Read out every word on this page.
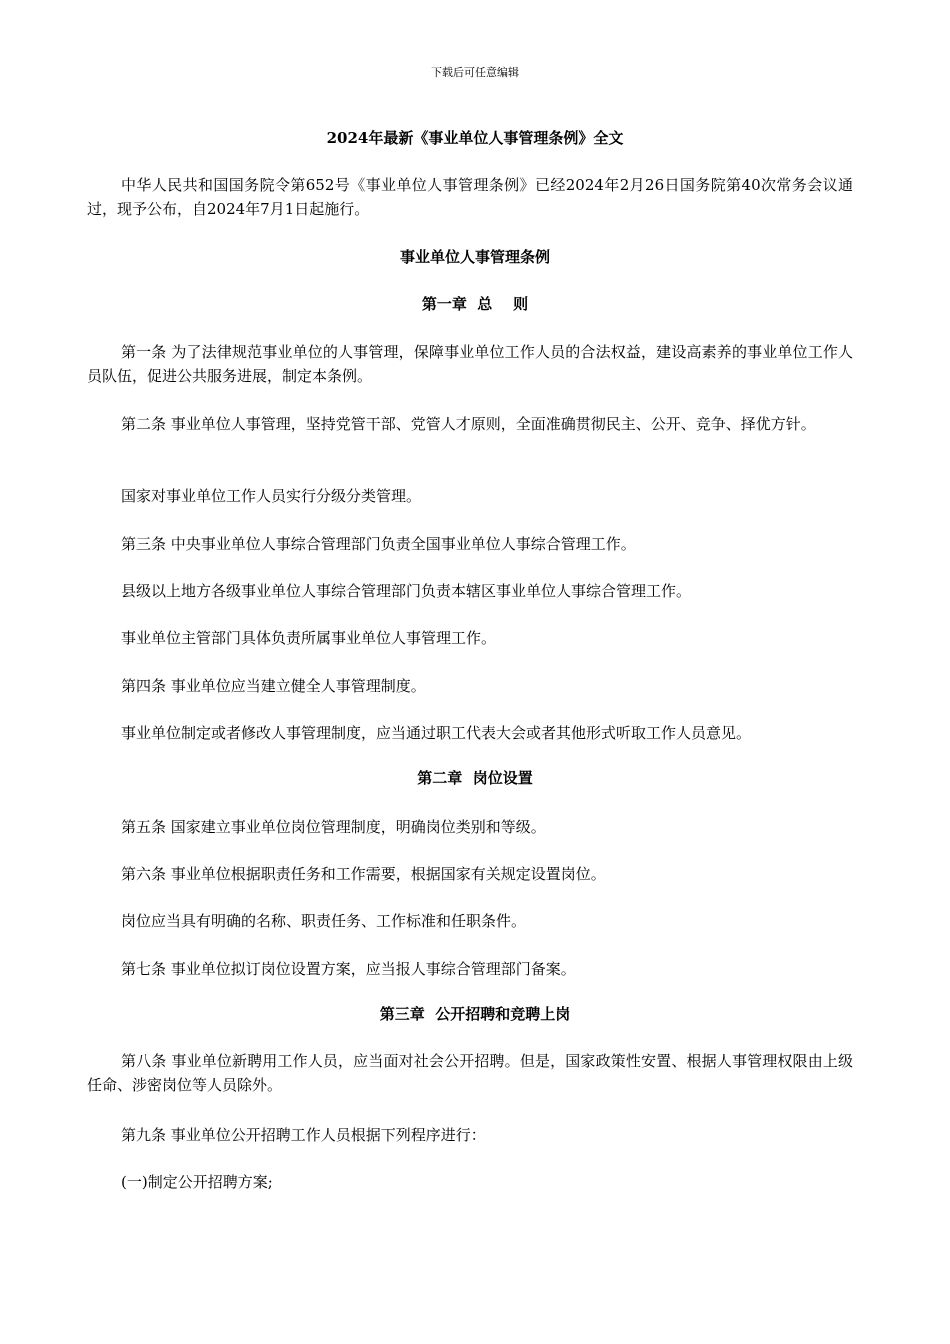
下载后可任意编辑
2024年最新《事业单位人事管理条例》全文
中华人民共和国国务院令第652号《事业单位人事管理条例》已经2024年2月26日国务院第40次常务会议通过，现予公布，自2024年7月1日起施行。
事业单位人事管理条例
第一章  总    则
第一条 为了法律规范事业单位的人事管理，保障事业单位工作人员的合法权益，建设高素养的事业单位工作人员队伍，促进公共服务进展，制定本条例。
第二条 事业单位人事管理，坚持党管干部、党管人才原则，全面准确贯彻民主、公开、竞争、择优方针。
国家对事业单位工作人员实行分级分类管理。
第三条 中央事业单位人事综合管理部门负责全国事业单位人事综合管理工作。
县级以上地方各级事业单位人事综合管理部门负责本辖区事业单位人事综合管理工作。
事业单位主管部门具体负责所属事业单位人事管理工作。
第四条 事业单位应当建立健全人事管理制度。
事业单位制定或者修改人事管理制度，应当通过职工代表大会或者其他形式听取工作人员意见。
第二章  岗位设置
第五条 国家建立事业单位岗位管理制度，明确岗位类别和等级。
第六条 事业单位根据职责任务和工作需要，根据国家有关规定设置岗位。
岗位应当具有明确的名称、职责任务、工作标准和任职条件。
第七条 事业单位拟订岗位设置方案，应当报人事综合管理部门备案。
第三章  公开招聘和竞聘上岗
第八条 事业单位新聘用工作人员，应当面对社会公开招聘。但是，国家政策性安置、根据人事管理权限由上级任命、涉密岗位等人员除外。
第九条 事业单位公开招聘工作人员根据下列程序进行：
(一)制定公开招聘方案;
